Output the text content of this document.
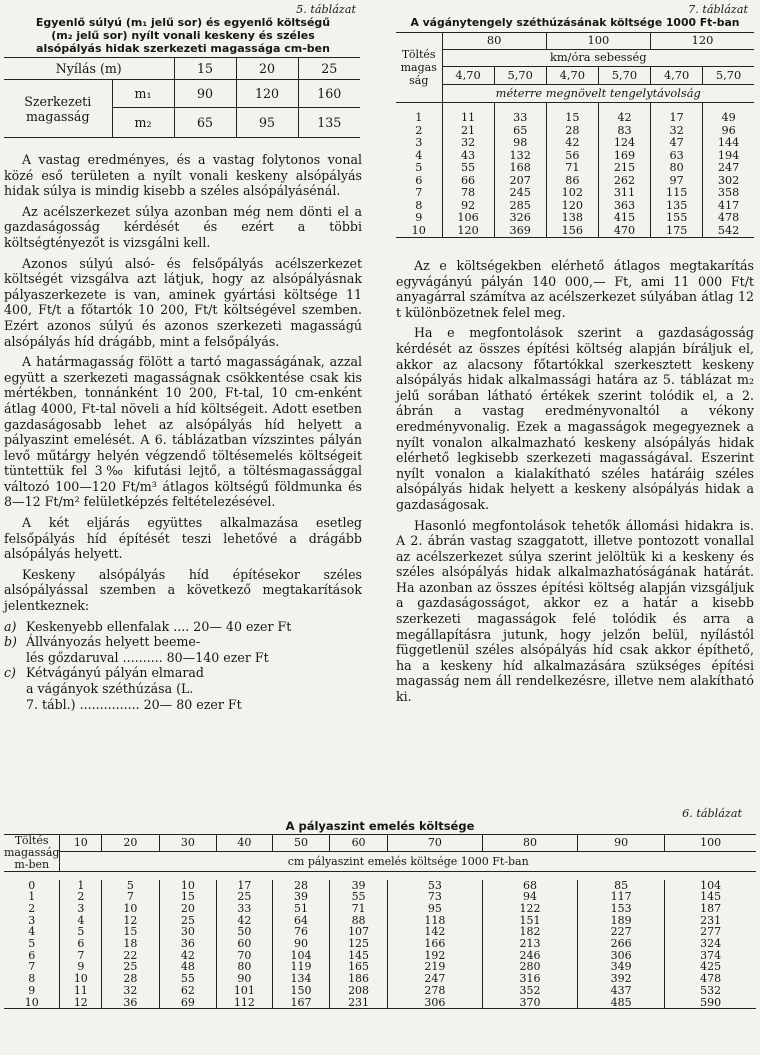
5. táblázat
Egyenlő súlyú (m₁ jelű sor) és egyenlő költségű
(m₂ jelű sor) nyílt vonali keskeny és széles
alsópályás hidak szerkezeti magassága cm-ben
Nyílás (m)		15	20	25
Szerkezeti magasság	m₁	90	120	160
	m₂	65	95	135

A vastag eredményes, és a vastag folytonos vonal közé eső területen a nyílt vonali keskeny alsópályás hidak súlya is mindig kisebb a széles alsópályásénál.

Az acélszerkezet súlya azonban még nem dönti el a gazdaságosság kérdését és ezért a többi költségtényezőt is vizsgálni kell.

Azonos súlyú alsó- és felsőpályás acélszerkezet költségét vizsgálva azt látjuk, hogy az alsópályásnak pályaszerkezete is van, aminek gyártási költsége 11 400, Ft/t a főtartók 10 200, Ft/t költségével szemben. Ezért azonos súlyú és azonos szerkezeti magasságú alsópályás híd drágább, mint a felsőpályás.

A határmagasság fölött a tartó magasságának, azzal együtt a szerkezeti magasságnak csökkentése csak kis mértékben, tonnánként 10 200, Ft-tal, 10 cm-enként átlag 4000, Ft-tal növeli a híd költségeit. Adott esetben gazdaságosabb lehet az alsópályás híd helyett a pályaszint emelését. A 6. táblázatban vízszintes pályán levő műtárgy helyén végzendő töltésemelés költségeit tüntettük fel 3‰ kifutási lejtő, a töltésmagassággal változó 100—120 Ft/m³ átlagos költségű földmunka és 8—12 Ft/m² felületképzés feltételezésével.

A két eljárás együttes alkalmazása esetleg felsőpályás híd építését teszi lehetővé a drágább alsópályás helyett.

Keskeny alsópályás híd építésekor széles alsópályással szemben a következő megtakarítások jelentkeznek:

a) Keskenyebb ellenfalak .... 20— 40 ezer Ft
b) Állványozás helyett beeme-
lés gőzdaruval .......... 80—140 ezer Ft
c) Kétvágányú pályán elmarad
a vágányok széthúzása (L.
7. tábl.) ............... 20— 80 ezer Ft
7. táblázat
A vágánytengely széthúzásának költsége 1000 Ft-ban
Töltés magasság	80		100		120	
	km/óra sebesség					
	4,70	5,70	4,70	5,70	4,70	5,70
	méterre megnövelt tengelytávolság					
1	11	33	15	42	17	49
2	21	65	28	83	32	96
3	32	98	42	124	47	144
4	43	132	56	169	63	194
5	55	168	71	215	80	247
6	66	207	86	262	97	302
7	78	245	102	311	115	358
8	92	285	120	363	135	417
9	106	326	138	415	155	478
10	120	369	156	470	175	542

Az e költségekben elérhető átlagos megtakarítás egyvágányú pályán 140 000,— Ft, ami 11 000 Ft/t anyagárral számítva az acélszerkezet súlyában átlag 12 t különbözetnek felel meg.

Ha e megfontolások szerint a gazdaságosság kérdését az összes építési költség alapján bíráljuk el, akkor az alacsony főtartókkal szerkesztett keskeny alsópályás hidak alkalmassági határa az 5. táblázat m₂ jelű sorában látható értékek szerint tolódik el, a 2. ábrán a vastag eredményvonaltól a vékony eredményvonalig. Ezek a magasságok megegyeznek a nyílt vonalon alkalmazható keskeny alsópályás hidak elérhető legkisebb szerkezeti magasságával. Eszerint nyílt vonalon a kialakítható széles határáig széles alsópályás hidak helyett a keskeny alsópályás hidak a gazdaságosak.

Hasonló megfontolások tehetők állomási hidakra is. A 2. ábrán vastag szaggatott, illetve pontozott vonallal az acélszerkezet súlya szerint jelöltük ki a keskeny és széles alsópályás hidak alkalmazhatóságának határát. Ha azonban az összes építési költség alapján vizsgáljuk a gazdaságosságot, akkor ez a határ a kisebb szerkezeti magasságok felé tolódik és arra a megállapításra jutunk, hogy jelzőn belül, nyílástól függetlenül széles alsópályás híd csak akkor építhető, ha a keskeny híd alkalmazására szükséges építési magasság nem áll rendelkezésre, illetve nem alakítható ki.

6. táblázat
A pályaszint emelés költsége
Töltés
magasság
m-ben	10	20	30	40	50	60	70	80	90	100
	cm pályaszint emelés költsége 1000 Ft-ban									

0	1	5	10	17	28	39	53	68	85	104
1	2	7	15	25	39	55	73	94	117	145
2	3	10	20	33	51	71	95	122	153	187
3	4	12	25	42	64	88	118	151	189	231
4	5	15	30	50	76	107	142	182	227	277
5	6	18	36	60	90	125	166	213	266	324
6	7	22	42	70	104	145	192	246	306	374
7	9	25	48	80	119	165	219	280	349	425
8	10	28	55	90	134	186	247	316	392	478
9	11	32	62	101	150	208	278	352	437	532
10	12	36	69	112	167	231	306	370	485	590
